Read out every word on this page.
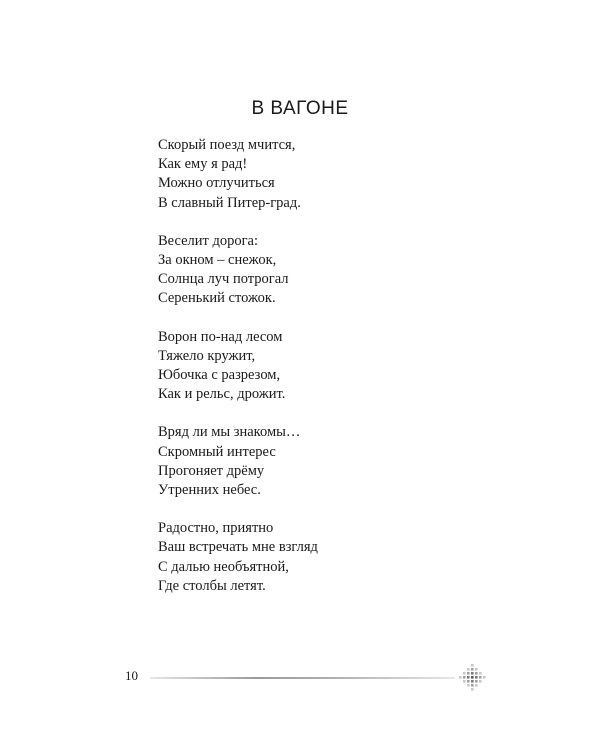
В ВАГОНЕ
Скорый поезд мчится,
Как ему я рад!
Можно отлучиться
В славный Питер-град.
Веселит дорога:
За окном – снежок,
Солнца луч потрогал
Серенький стожок.
Ворон по-над лесом
Тяжело кружит,
Юбочка с разрезом,
Как и рельс, дрожит.
Вряд ли мы знакомы…
Скромный интерес
Прогоняет дрёму
Утренних небес.
Радостно, приятно
Ваш встречать мне взгляд
С далью необъятной,
Где столбы летят.
10
